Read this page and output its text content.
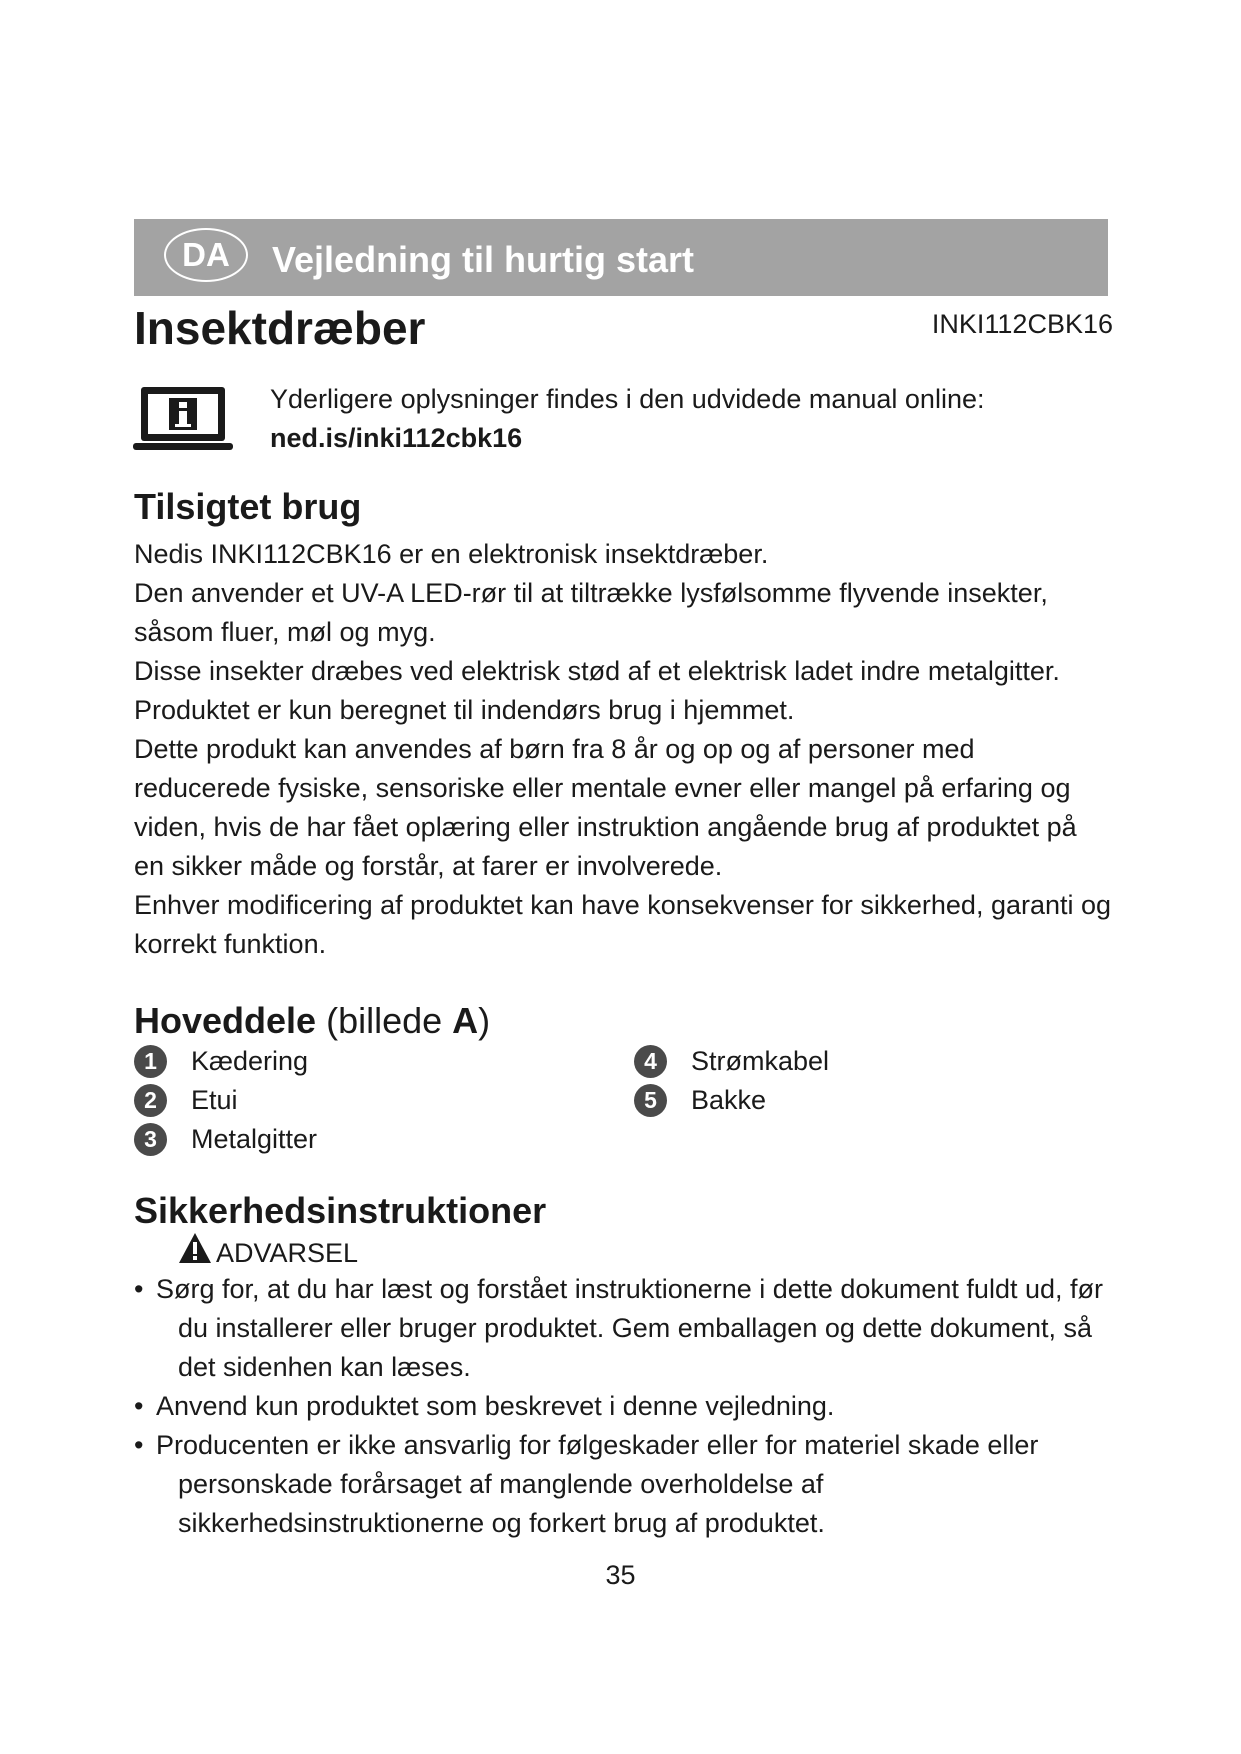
DA	Vejledning til hurtig start
Insektdræber	INKI112CBK16
Yderligere oplysninger findes i den udvidede manual online:
ned.is/inki112cbk16
Tilsigtet brug

Nedis INKI112CBK16 er en elektronisk insektdræber.

Den anvender et UV-A LED-rør til at tiltrække lysfølsomme flyvende insekter, såsom fluer, møl og myg.

Disse insekter dræbes ved elektrisk stød af et elektrisk ladet indre metalgitter.

Produktet er kun beregnet til indendørs brug i hjemmet.

Dette produkt kan anvendes af børn fra 8 år og op og af personer med reducerede fysiske, sensoriske eller mentale evner eller mangel på erfaring og viden, hvis de har fået oplæring eller instruktion angående brug af produktet på en sikker måde og forstår, at farer er involverede.

Enhver modificering af produktet kan have konsekvenser for sikkerhed, garanti og korrekt funktion.

Hoveddele (billede A)
1	Kædering
2	Etui
3	Metalgitter
4	Strømkabel
5	Bakke
Sikkerhedsinstruktioner
ADVARSEL
• Sørg for, at du har læst og forstået instruktionerne i dette dokument fuldt ud, før du installerer eller bruger produktet. Gem emballagen og dette dokument, så det sidenhen kan læses.
• Anvend kun produktet som beskrevet i denne vejledning.
• Producenten er ikke ansvarlig for følgeskader eller for materiel skade eller personskade forårsaget af manglende overholdelse af sikkerhedsinstruktionerne og forkert brug af produktet.
35
